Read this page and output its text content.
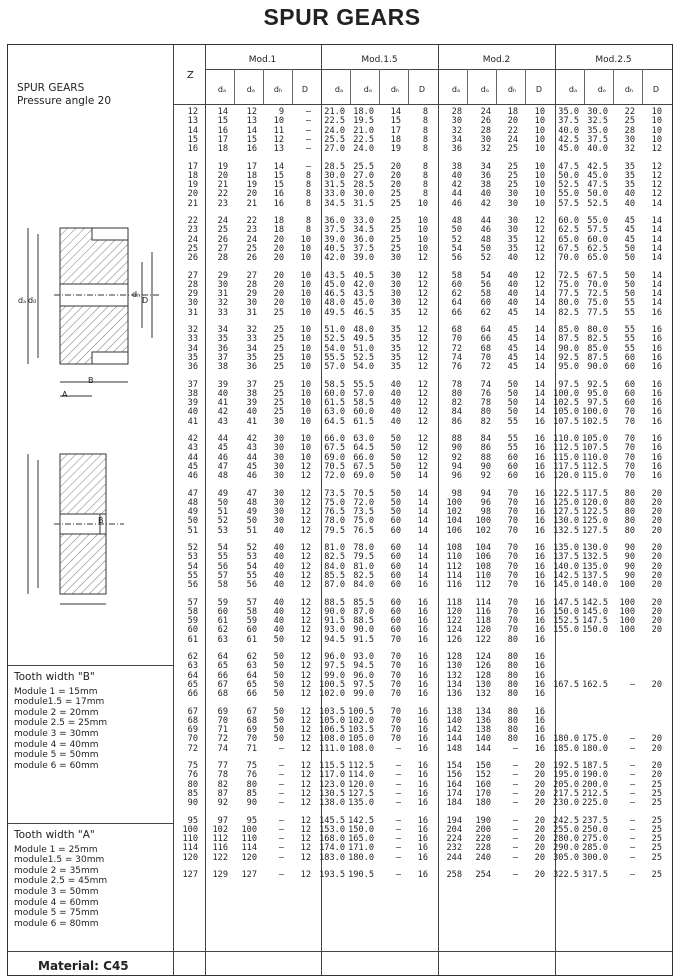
SPUR GEARS
SPUR GEARS
Pressure angle 20
Z
Mod.1
dₐ	dₒ	dₕ	D
Mod.1.5
dₐ	dₒ	dₕ	D
Mod.2
dₐ	dₒ	dₕ	D
Mod.2.5
dₐ	dₒ	dₕ	D
dₐ d₀
dₕ
D
B
A
B
Tooth width "B"
Module 1 = 15mm
module1.5 = 17mm
module 2 = 20mm
module 2.5 = 25mm
module 3 = 30mm
module 4 = 40mm
module 5 = 50mm
module 6 = 60mm
Tooth width "A"
Module 1 = 25mm
module1.5 = 30mm
module 2 = 35mm
module 2.5 = 45mm
module 3 = 50mm
module 4 = 60mm
module 5 = 75mm
module 6 = 80mm
Material: C45
12	14	12	9	—	21.0 18.0	14	8	28	24	18	10	35.0 30.0	22	10
13	15	13	10	—	22.5 19.5	15	8	30	26	20	10	37.5 32.5	25	10
14	16	14	11	—	24.0 21.0	17	8	32	28	22	10	40.0 35.0	28	10
15	17	15	12	—	25.5 22.5	18	8	34	30	24	10	42.5 37.5	30	10
16	18	16	13	—	27.0 24.0	19	8	36	32	25	10	45.0 40.0	32	12
17	19	17	14	—	28.5 25.5	20	8	38	34	25	10	47.5 42.5	35	12
18	20	18	15	8	30.0 27.0	20	8	40	36	25	10	50.0 45.0	35	12
19	21	19	15	8	31.5 28.5	20	8	42	38	25	10	52.5 47.5	35	12
20	22	20	16	8	33.0 30.0	25	8	44	40	30	10	55.0 50.0	40	12
21	23	21	16	8	34.5 31.5	25	10	46	42	30	10	57.5 52.5	40	14
22	24	22	18	8	36.0 33.0	25	10	48	44	30	12	60.0 55.0	45	14
23	25	23	18	8	37.5 34.5	25	10	50	46	30	12	62.5 57.5	45	14
24	26	24	20	10	39.0 36.0	25	10	52	48	35	12	65.0 60.0	45	14
25	27	25	20	10	40.5 37.5	25	10	54	50	35	12	67.5 62.5	50	14
26	28	26	20	10	42.0 39.0	30	12	56	52	40	12	70.0 65.0	50	14
27	29	27	20	10	43.5 40.5	30	12	58	54	40	12	72.5 67.5	50	14
28	30	28	20	10	45.0 42.0	30	12	60	56	40	12	75.0 70.0	50	14
29	31	29	20	10	46.5 43.5	30	12	62	58	40	14	77.5 72.5	50	14
30	32	30	20	10	48.0 45.0	30	12	64	60	40	14	80.0 75.0	55	14
31	33	31	25	10	49.5 46.5	35	12	66	62	45	14	82.5 77.5	55	16
32	34	32	25	10	51.0 48.0	35	12	68	64	45	14	85.0 80.0	55	16
33	35	33	25	10	52.5 49.5	35	12	70	66	45	14	87.5 82.5	55	16
34	36	34	25	10	54.0 51.0	35	12	72	68	45	14	90.0 85.0	55	16
35	37	35	25	10	55.5 52.5	35	12	74	70	45	14	92.5 87.5	60	16
36	38	36	25	10	57.0 54.0	35	12	76	72	45	14	95.0 90.0	60	16
37	39	37	25	10	58.5 55.5	40	12	78	74	50	14	97.5 92.5	60	16
38	40	38	25	10	60.0 57.0	40	12	80	76	50	14 100.0 95.0	60	16
39	41	39	25	10	61.5 58.5	40	12	82	78	50	14 102.5 97.5	60	16
40	42	40	25	10	63.0 60.0	40	12	84	80	50	14 105.0 100.0	70	16
41	43	41	30	10	64.5 61.5	40	12	86	82	55	16 107.5 102.5	70	16
42	44	42	30	10	66.0 63.0	50	12	88	84	55	16 110.0 105.0	70	16
43	45	43	30	10	67.5 64.5	50	12	90	86	55	16 112.5 107.5	70	16
44	46	44	30	10	69.0 66.0	50	12	92	88	60	16 115.0 110.0	70	16
45	47	45	30	12	70.5 67.5	50	12	94	90	60	16 117.5 112.5	70	16
46	48	46	30	12	72.0 69.0	50	14	96	92	60	16 120.0 115.0	70	16
47	49	47	30	12	73.5 70.5	50	14	98	94	70	16 122.5 117.5	80	20
48	50	48	30	12	75.0 72.0	50	14	100	96	70	16 125.0 120.0	80	20
49	51	49	30	12	76.5 73.5	50	14	102	98	70	16 127.5 122.5	80	20
50	52	50	30	12	78.0 75.0	60	14	104	100	70	16 130.0 125.0	80	20
51	53	51	40	12	79.5 76.5	60	14	106	102	70	16 132.5 127.5	80	20
52	54	52	40	12	81.0 78.0	60	14	108	104	70	16 135.0 130.0	90	20
53	55	53	40	12	82.5 79.5	60	14	110	106	70	16 137.5 132.5	90	20
54	56	54	40	12	84.0 81.0	60	14	112	108	70	16 140.0 135.0	90	20
55	57	55	40	12	85.5 82.5	60	14	114	110	70	16 142.5 137.5	90	20
56	58	56	40	12	87.0 84.0	60	16	116	112	70	16 145.0 140.0	100	20
57	59	57	40	12	88.5 85.5	60	16	118	114	70	16 147.5 142.5	100	20
58	60	58	40	12	90.0 87.0	60	16	120	116	70	16 150.0 145.0	100	20
59	61	59	40	12	91.5 88.5	60	16	122	118	70	16 152.5 147.5	100	20
60	62	60	40	12	93.0 90.0	60	16	124	120	70	16 155.0 150.0	100	20
61	63	61	50	12	94.5 91.5	70	16	126	122	80	16
62	64	62	50	12	96.0 93.0	70	16	128	124	80	16
63	65	63	50	12	97.5 94.5	70	16	130	126	80	16
64	66	64	50	12	99.0 96.0	70	16	132	128	80	16
65	67	65	50	12 100.5 97.5	70	16	134	130	80	16 167.5 162.5	—	20
66	68	66	50	12 102.0 99.0	70	16	136	132	80	16
67	69	67	50	12 103.5 100.5	70	16	138	134	80	16
68	70	68	50	12 105.0 102.0	70	16	140	136	80	16
69	71	69	50	12 106.5 103.5	70	16	142	138	80	16
70	72	70	50	12 108.0 105.0	70	16	144	140	80	16 180.0 175.0	—	20
72	74	71	—	12 111.0 108.0	—	16	148	144	—	16 185.0 180.0	—	20
75	77	75	—	12 115.5 112.5	—	16	154	150	—	20 192.5 187.5	—	20
76	78	76	—	12 117.0 114.0	—	16	156	152	—	20 195.0 190.0	—	20
80	82	80	—	12 123.0 120.0	—	16	164	160	—	20 205.0 200.0	—	25
85	87	85	—	12 130.5 127.5	—	16	174	170	—	20 217.5 212.5	—	25
90	92	90	—	12 138.0 135.0	—	16	184	180	—	20 230.0 225.0	—	25
95	97	95	—	12 145.5 142.5	—	16	194	190	—	20 242.5 237.5	—	25
100	102	100	—	12 153.0 150.0	—	16	204	200	—	20 255.0 250.0	—	25
110	112	110	—	12 168.0 165.0	—	16	224	220	—	20 280.0 275.0	—	25
114	116	114	—	12 174.0 171.0	—	16	232	228	—	20 290.0 285.0	—	25
120	122	120	—	12 183.0 180.0	—	16	244	240	—	20 305.0 300.0	—	25
127	129	127	—	12 193.5 190.5	—	16	258	254	—	20 322.5 317.5	—	25
